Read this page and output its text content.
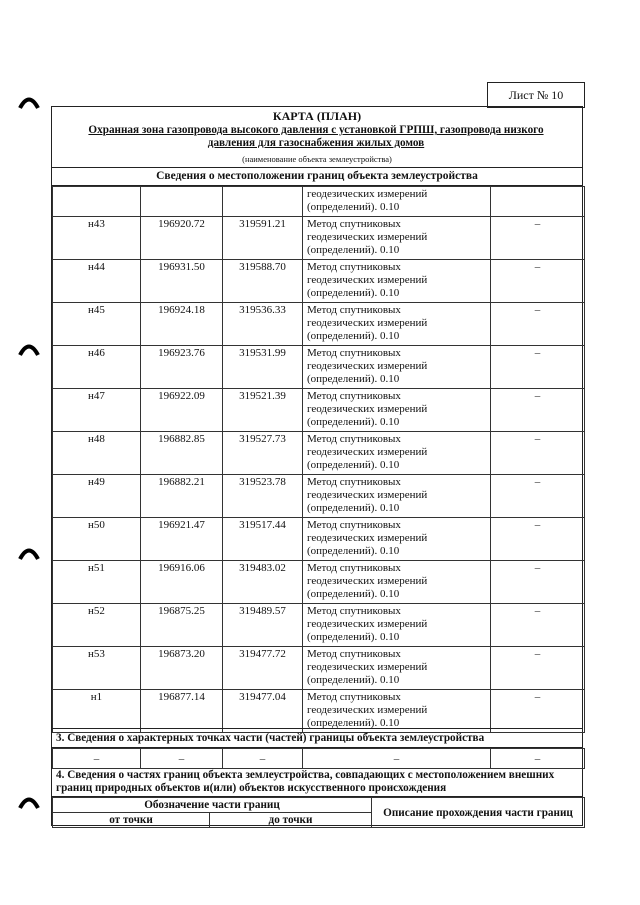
Лист № 10
КАРТА (ПЛАН)
Охранная зона газопровода высокого давления с установкой ГРПШ, газопровода низкого давления для газоснабжения жилых домов
(наименование объекта землеустройства)
Сведения о местоположении границ объекта землеустройства

			геодезических измерений
(определений). 0.10	

н43	196920.72	319591.21	Метод спутниковых
геодезических измерений
(определений). 0.10	–
н44	196931.50	319588.70	Метод спутниковых
геодезических измерений
(определений). 0.10	–
н45	196924.18	319536.33	Метод спутниковых
геодезических измерений
(определений). 0.10	–
н46	196923.76	319531.99	Метод спутниковых
геодезических измерений
(определений). 0.10	–
н47	196922.09	319521.39	Метод спутниковых
геодезических измерений
(определений). 0.10	–
н48	196882.85	319527.73	Метод спутниковых
геодезических измерений
(определений). 0.10	–
н49	196882.21	319523.78	Метод спутниковых
геодезических измерений
(определений). 0.10	–
н50	196921.47	319517.44	Метод спутниковых
геодезических измерений
(определений). 0.10	–
н51	196916.06	319483.02	Метод спутниковых
геодезических измерений
(определений). 0.10	–
н52	196875.25	319489.57	Метод спутниковых
геодезических измерений
(определений). 0.10	–
н53	196873.20	319477.72	Метод спутниковых
геодезических измерений
(определений). 0.10	–
н1	196877.14	319477.04	Метод спутниковых
геодезических измерений
(определений). 0.10	–
3. Сведения о характерных точках части (частей) границы объекта землеустройства
–	–	–	–	–
4. Сведения о частях границ объекта землеустройства, совпадающих с местоположением внешних границ природных объектов и(или) объектов искусственного происхождения
Обозначение части границ		Описание прохождения части границ
от точки	до точки	
